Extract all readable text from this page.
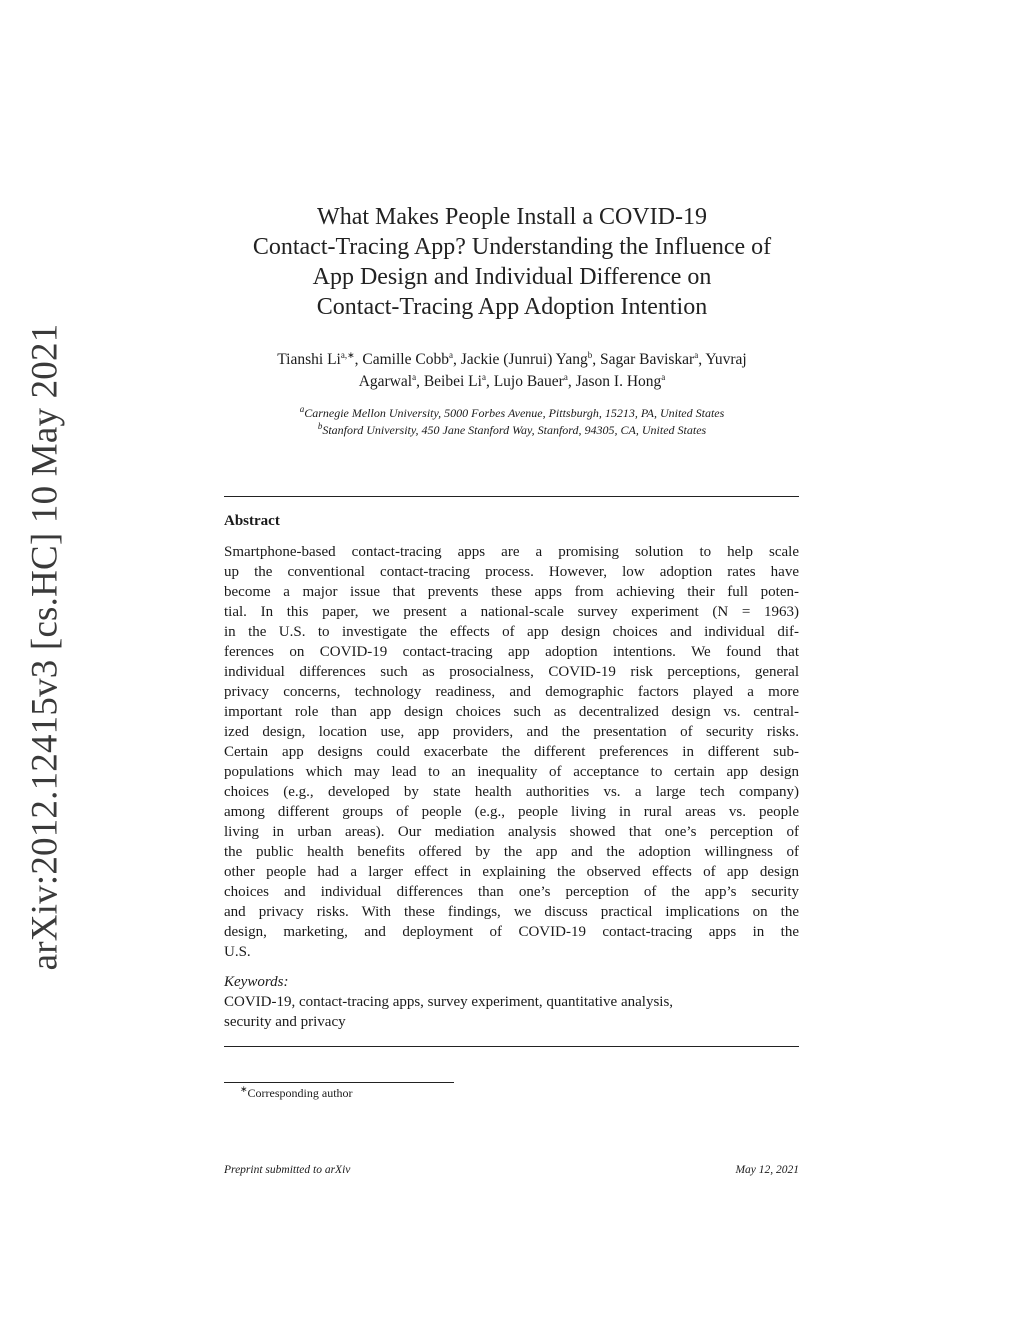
arXiv:2012.12415v3 [cs.HC] 10 May 2021
What Makes People Install a COVID-19
Contact-Tracing App? Understanding the Influence of
App Design and Individual Difference on
Contact-Tracing App Adoption Intention
Tianshi $Li^{a,∗}$, Camille Cobb$^a$, Jackie (Junrui) Yang$^b$, Sagar Baviskar$^a$, Yuvraj
Agarwal$^a$, Beibei Li$^a$, Lujo Bauer$^a$, Jason I. Hong$^a$
$^a$Carnegie Mellon University, 5000 Forbes Avenue, Pittsburgh, 15213, PA, United States
$^b$Stanford University, 450 Jane Stanford Way, Stanford, 94305, CA, United States
Abstract
Smartphone-based contact-tracing apps are a promising solution to help scale
up the conventional contact-tracing process. However, low adoption rates have
become a major issue that prevents these apps from achieving their full poten-
tial. In this paper, we present a national-scale survey experiment (N = 1963)
in the U.S. to investigate the effects of app design choices and individual dif-
ferences on COVID-19 contact-tracing app adoption intentions. We found that
individual differences such as prosocialness, COVID-19 risk perceptions, general
privacy concerns, technology readiness, and demographic factors played a more
important role than app design choices such as decentralized design vs. central-
ized design, location use, app providers, and the presentation of security risks.
Certain app designs could exacerbate the different preferences in different sub-
populations which may lead to an inequality of acceptance to certain app design
choices (e.g., developed by state health authorities vs. a large tech company)
among different groups of people (e.g., people living in rural areas vs. people
living in urban areas). Our mediation analysis showed that one’s perception of
the public health benefits offered by the app and the adoption willingness of
other people had a larger effect in explaining the observed effects of app design
choices and individual differences than one’s perception of the app’s security
and privacy risks. With these findings, we discuss practical implications on the
design, marketing, and deployment of COVID-19 contact-tracing apps in the
U.S.
Keywords:
COVID-19, contact-tracing apps, survey experiment, quantitative analysis,
security and privacy
∗Corresponding author
Preprint submitted to arXiv	May 12, 2021
